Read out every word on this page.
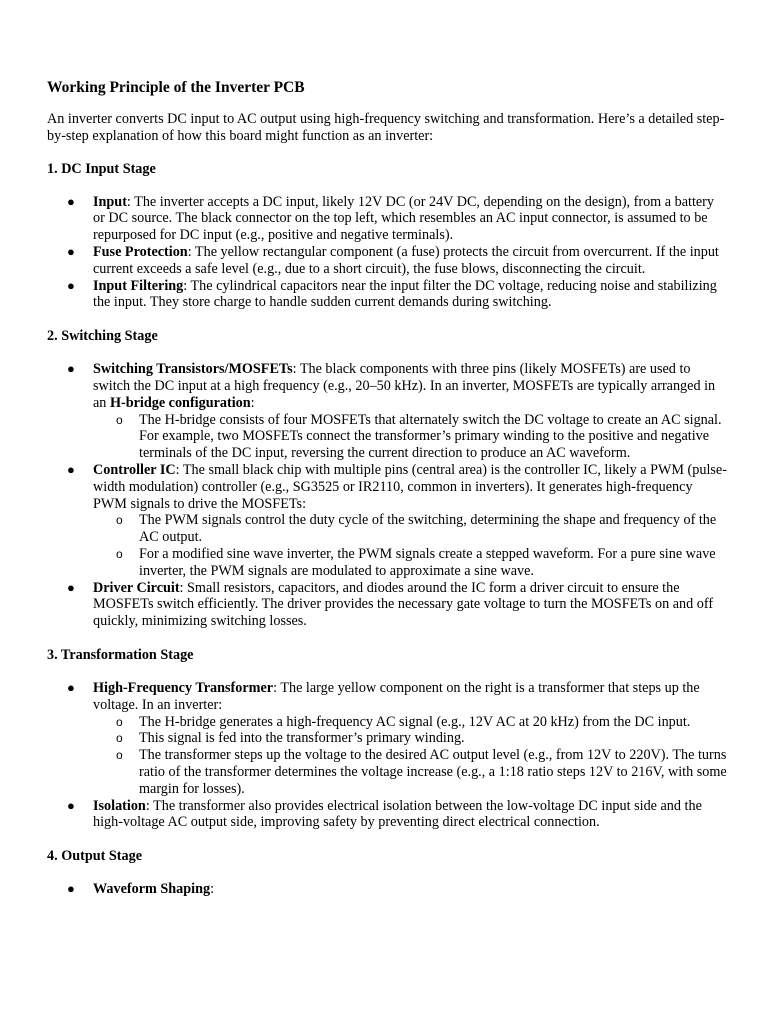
Working Principle of the Inverter PCB

An inverter converts DC input to AC output using high-frequency switching and transformation. Here’s a detailed step-by-step explanation of how this board might function as an inverter:

1. DC Input Stage
● Input: The inverter accepts a DC input, likely 12V DC (or 24V DC, depending on the design), from a battery or DC source. The black connector on the top left, which resembles an AC input connector, is assumed to be repurposed for DC input (e.g., positive and negative terminals).
● Fuse Protection: The yellow rectangular component (a fuse) protects the circuit from overcurrent. If the input current exceeds a safe level (e.g., due to a short circuit), the fuse blows, disconnecting the circuit.
● Input Filtering: The cylindrical capacitors near the input filter the DC voltage, reducing noise and stabilizing the input. They store charge to handle sudden current demands during switching.
2. Switching Stage
● Switching Transistors/MOSFETs: The black components with three pins (likely MOSFETs) are used to switch the DC input at a high frequency (e.g., 20–50 kHz). In an inverter, MOSFETs are typically arranged in an H-bridge configuration:
o The H-bridge consists of four MOSFETs that alternately switch the DC voltage to create an AC signal. For example, two MOSFETs connect the transformer’s primary winding to the positive and negative terminals of the DC input, reversing the current direction to produce an AC waveform.
● Controller IC: The small black chip with multiple pins (central area) is the controller IC, likely a PWM (pulse-width modulation) controller (e.g., SG3525 or IR2110, common in inverters). It generates high-frequency PWM signals to drive the MOSFETs:
o The PWM signals control the duty cycle of the switching, determining the shape and frequency of the AC output.
o For a modified sine wave inverter, the PWM signals create a stepped waveform. For a pure sine wave inverter, the PWM signals are modulated to approximate a sine wave.
● Driver Circuit: Small resistors, capacitors, and diodes around the IC form a driver circuit to ensure the MOSFETs switch efficiently. The driver provides the necessary gate voltage to turn the MOSFETs on and off quickly, minimizing switching losses.
3. Transformation Stage
● High-Frequency Transformer: The large yellow component on the right is a transformer that steps up the voltage. In an inverter:
o The H-bridge generates a high-frequency AC signal (e.g., 12V AC at 20 kHz) from the DC input.
o This signal is fed into the transformer’s primary winding.
o The transformer steps up the voltage to the desired AC output level (e.g., from 12V to 220V). The turns ratio of the transformer determines the voltage increase (e.g., a 1:18 ratio steps 12V to 216V, with some margin for losses).
● Isolation: The transformer also provides electrical isolation between the low-voltage DC input side and the high-voltage AC output side, improving safety by preventing direct electrical connection.
4. Output Stage
● Waveform Shaping:
